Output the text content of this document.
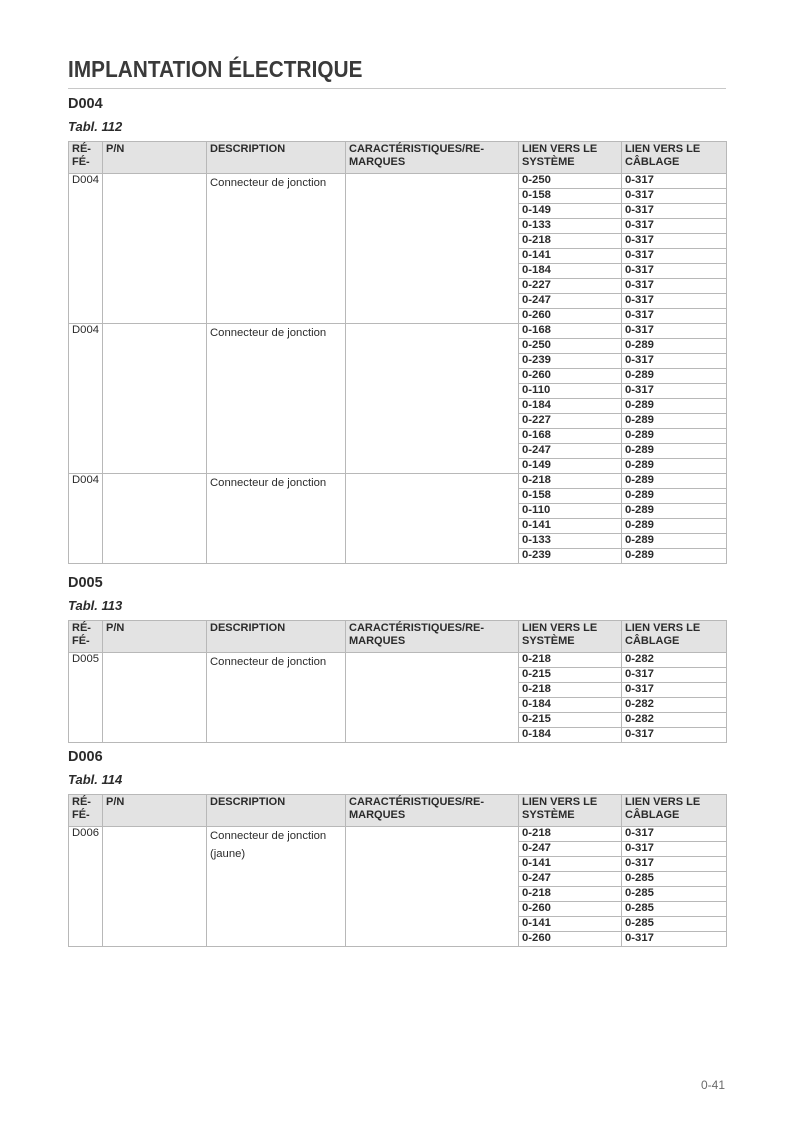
IMPLANTATION ÉLECTRIQUE
D004
Tabl. 112
RÉ-FÉ-	P/N	DESCRIPTION	CARACTÉRISTIQUES/RE-MARQUES	LIEN VERS LE SYSTÈME	LIEN VERS LE CÂBLAGE
D004		Connecteur de jonction		0-250	0-317
				0-158	0-317
				0-149	0-317
				0-133	0-317
				0-218	0-317
				0-141	0-317
				0-184	0-317
				0-227	0-317
				0-247	0-317
				0-260	0-317
D004		Connecteur de jonction		0-168	0-317
				0-250	0-289
				0-239	0-317
				0-260	0-289
				0-110	0-317
				0-184	0-289
				0-227	0-289
				0-168	0-289
				0-247	0-289
				0-149	0-289
D004		Connecteur de jonction		0-218	0-289
				0-158	0-289
				0-110	0-289
				0-141	0-289
				0-133	0-289
				0-239	0-289
D005
Tabl. 113
RÉ-FÉ-	P/N	DESCRIPTION	CARACTÉRISTIQUES/RE-MARQUES	LIEN VERS LE SYSTÈME	LIEN VERS LE CÂBLAGE
D005		Connecteur de jonction		0-218	0-282
				0-215	0-317
				0-218	0-317
				0-184	0-282
				0-215	0-282
				0-184	0-317
D006
Tabl. 114
RÉ-FÉ-	P/N	DESCRIPTION	CARACTÉRISTIQUES/RE-MARQUES	LIEN VERS LE SYSTÈME	LIEN VERS LE CÂBLAGE
D006		Connecteur de jonction (jaune)		0-218	0-317
				0-247	0-317
				0-141	0-317
				0-247	0-285
				0-218	0-285
				0-260	0-285
				0-141	0-285
				0-260	0-317
0-41
